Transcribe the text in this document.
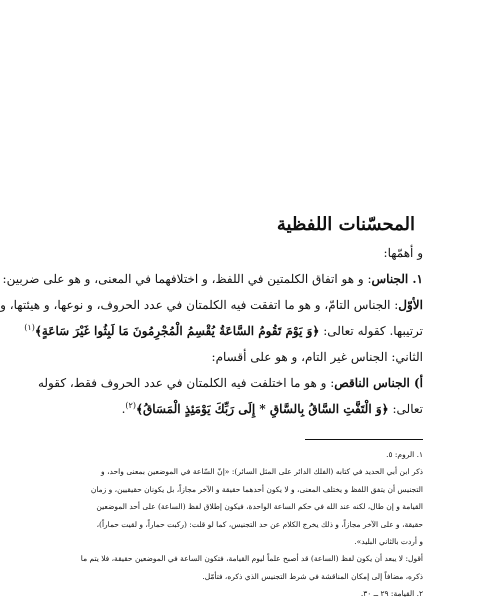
المحسّنات اللفظية
و أهمّها:
١. الجناس: و هو اتفاق الكلمتين في اللفظ، و اختلافهما في المعنى، و هو على ضربين:
الأوّل: الجناس التامّ، و هو ما اتفقت فيه الكلمتان في عدد الحروف، و نوعها، و هيئتها، و
ترتيبها. كقوله تعالى: ﴿وَ يَوْمَ تَقُومُ السَّاعَةُ يُقْسِمُ الْمُجْرِمُونَ مَا لَبِثُوا غَيْرَ سَاعَةٍ﴾$^{(١)}$
الثاني: الجناس غير التام، و هو على أقسام:
أ) الجناس الناقص: و هو ما اختلفت فيه الكلمتان في عدد الحروف فقط، كقوله
تعالى: ﴿وَ الْتَفَّتِ السَّاقُ بِالسَّاقِ * إِلَى رَبِّكَ يَوْمَئِذٍ الْمَسَاقُ﴾$^{(٢)}$.
١. الروم: ٥.
ذكر ابن أبي الحديد في كتابه (الفلك الدائر على المثل السائر): «إنّ السّاعة في الموضعين بمعنى واحد، و
التجنيس أن يتفق اللفظ و يختلف المعنى، و لا يكون أحدهما حقيقة و الآخر مجازاً، بل يكونان حقيقيين، و زمان
القيامة و إن طال، لكنه عند الله في حكم الساعة الواحدة، فيكون إطلاق لفظ (الساعة) على أحد الموضعين
حقيقة، و على الآخر مجازاً، و ذلك يخرج الكلام عن حد التجنيس، كما لو قلت: (ركبت حماراً، و لقيت حماراً)،
و أردت بالثاني البليد».
أقول: لا يبعد أن يكون لفظ (الساعة) قد أصبح علماً ليوم القيامة، فتكون الساعة في الموضعين حقيقة، فلا يتم ما
ذكره، مضافاً إلى إمكان المناقشة في شرط التجنيس الذي ذكره، فتأمّل.
٢. القيامة: ٢٩ ــ ٣٠.
